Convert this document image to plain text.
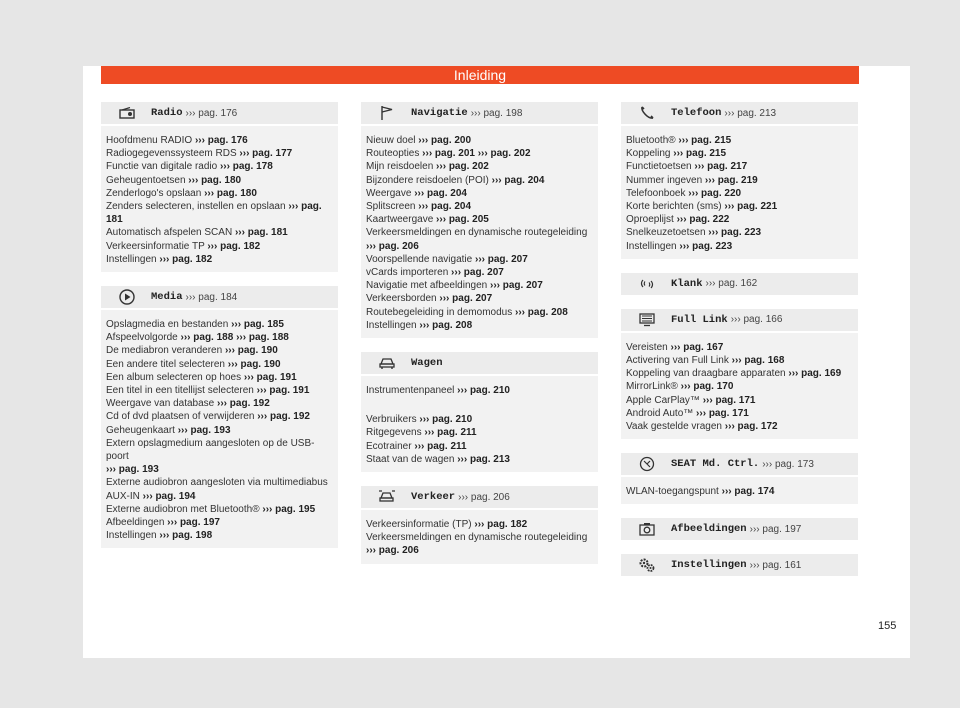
Inleiding
Radio ››› pag. 176
Hoofdmenu RADIO ››› pag. 176
Radiogegevenssysteem RDS ››› pag. 177
Functie van digitale radio ››› pag. 178
Geheugentoetsen ››› pag. 180
Zenderlogo's opslaan ››› pag. 180
Zenders selecteren, instellen en opslaan ››› pag.
181
Automatisch afspelen SCAN ››› pag. 181
Verkeersinformatie TP ››› pag. 182
Instellingen ››› pag. 182
Media ››› pag. 184
Opslagmedia en bestanden ››› pag. 185
Afspeelvolgorde ››› pag. 188 ››› pag. 188
De mediabron veranderen ››› pag. 190
Een andere titel selecteren ››› pag. 190
Een album selecteren op hoes ››› pag. 191
Een titel in een titellijst selecteren ››› pag. 191
Weergave van database ››› pag. 192
Cd of dvd plaatsen of verwijderen ››› pag. 192
Geheugenkaart ››› pag. 193
Extern opslagmedium aangesloten op de USB-poort
››› pag. 193
Externe audiobron aangesloten via multimediabus
AUX-IN ››› pag. 194
Externe audiobron met Bluetooth® ››› pag. 195
Afbeeldingen ››› pag. 197
Instellingen ››› pag. 198
Navigatie ››› pag. 198
Nieuw doel ››› pag. 200
Routeopties ››› pag. 201 ››› pag. 202
Mijn reisdoelen ››› pag. 202
Bijzondere reisdoelen (POI) ››› pag. 204
Weergave ››› pag. 204
Splitscreen ››› pag. 204
Kaartweergave ››› pag. 205
Verkeersmeldingen en dynamische routegeleiding
››› pag. 206
Voorspellende navigatie ››› pag. 207
vCards importeren ››› pag. 207
Navigatie met afbeeldingen ››› pag. 207
Verkeersborden ››› pag. 207
Routebegeleiding in demomodus ››› pag. 208
Instellingen ››› pag. 208
Wagen
Instrumentenpaneel ››› pag. 210
Verbruikers ››› pag. 210
Ritgegevens ››› pag. 211
Ecotrainer ››› pag. 211
Staat van de wagen ››› pag. 213
Verkeer ››› pag. 206
Verkeersinformatie (TP) ››› pag. 182
Verkeersmeldingen en dynamische routegeleiding
››› pag. 206
Telefoon ››› pag. 213
Bluetooth® ››› pag. 215
Koppeling ››› pag. 215
Functietoetsen ››› pag. 217
Nummer ingeven ››› pag. 219
Telefoonboek ››› pag. 220
Korte berichten (sms) ››› pag. 221
Oproeplijst ››› pag. 222
Snelkeuzetoetsen ››› pag. 223
Instellingen ››› pag. 223
Klank ››› pag. 162
Full Link ››› pag. 166
Vereisten ››› pag. 167
Activering van Full Link ››› pag. 168
Koppeling van draagbare apparaten ››› pag. 169
MirrorLink® ››› pag. 170
Apple CarPlay™ ››› pag. 171
Android Auto™ ››› pag. 171
Vaak gestelde vragen ››› pag. 172
SEAT Md. Ctrl. ››› pag. 173
WLAN-toegangspunt ››› pag. 174
Afbeeldingen ››› pag. 197
Instellingen ››› pag. 161
155
